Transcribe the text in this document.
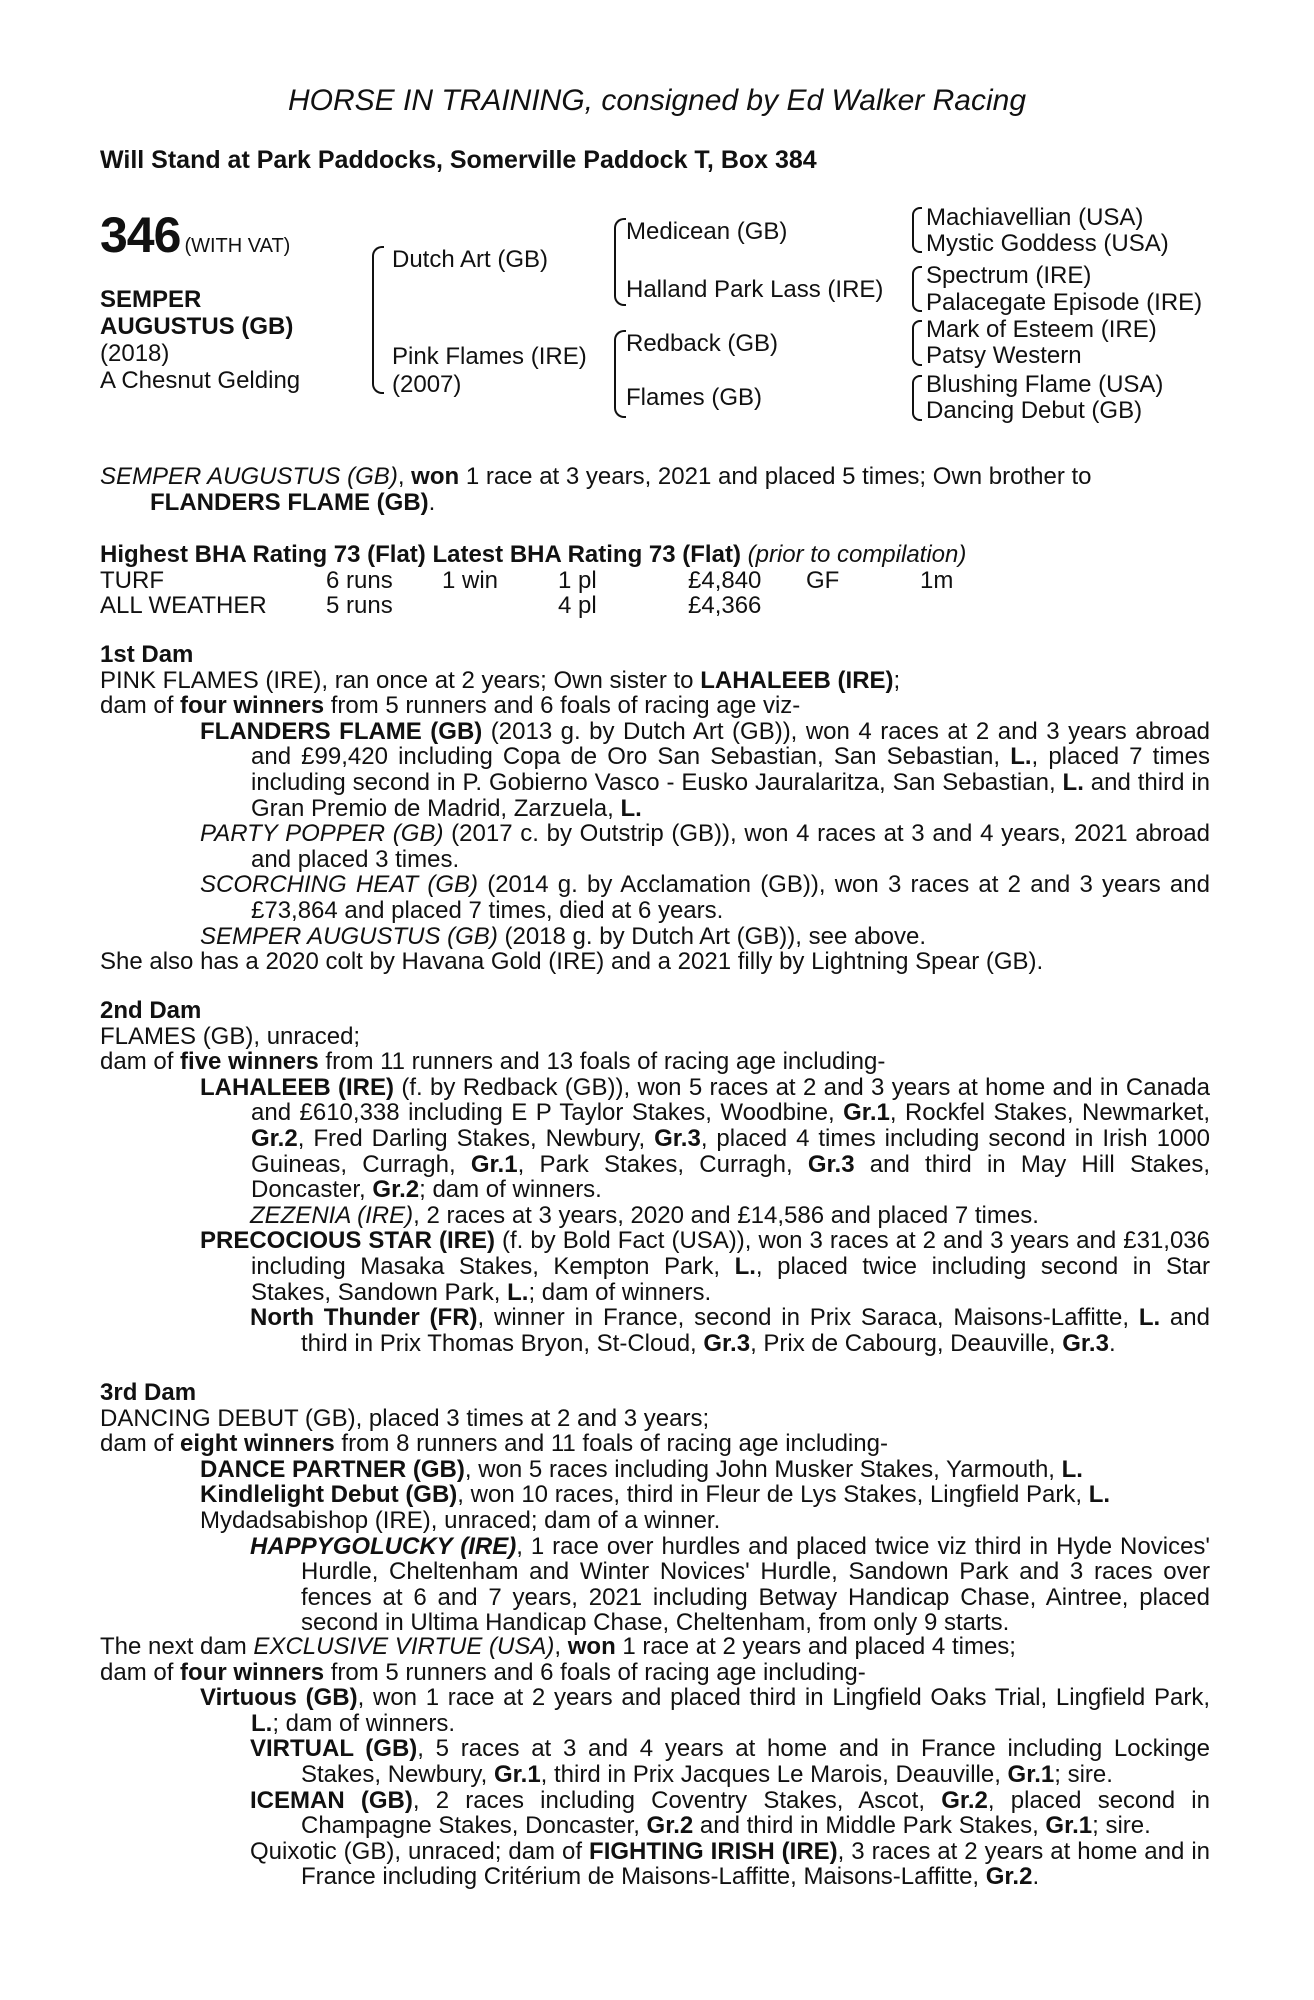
HORSE IN TRAINING, consigned by Ed Walker Racing
Will Stand at Park Paddocks, Somerville Paddock T, Box 384
346 (WITH VAT)
SEMPER
AUGUSTUS (GB)
(2018)
A Chesnut Gelding
Dutch Art (GB)
Pink Flames (IRE)
(2007)
Medicean (GB)
Halland Park Lass (IRE)
Redback (GB)
Flames (GB)
Machiavellian (USA)
Mystic Goddess (USA)
Spectrum (IRE)
Palacegate Episode (IRE)
Mark of Esteem (IRE)
Patsy Western
Blushing Flame (USA)
Dancing Debut (GB)

SEMPER AUGUSTUS (GB), won 1 race at 3 years, 2021 and placed 5 times; Own brother to

FLANDERS FLAME (GB).

Highest BHA Rating 73 (Flat) Latest BHA Rating 73 (Flat) (prior to compilation)

TURF	6 runs	1 win	1 pl	£4,840	GF	1m
ALL WEATHER	5 runs		4 pl	£4,366		

1st Dam

PINK FLAMES (IRE), ran once at 2 years; Own sister to LAHALEEB (IRE);

dam of four winners from 5 runners and 6 foals of racing age viz-

FLANDERS FLAME (GB) (2013 g. by Dutch Art (GB)), won 4 races at 2 and 3 years abroad and £99,420 including Copa de Oro San Sebastian, San Sebastian, L., placed 7 times including second in P. Gobierno Vasco - Eusko Jauralaritza, San Sebastian, L. and third in Gran Premio de Madrid, Zarzuela, L.

PARTY POPPER (GB) (2017 c. by Outstrip (GB)), won 4 races at 3 and 4 years, 2021 abroad and placed 3 times.

SCORCHING HEAT (GB) (2014 g. by Acclamation (GB)), won 3 races at 2 and 3 years and £73,864 and placed 7 times, died at 6 years.

SEMPER AUGUSTUS (GB) (2018 g. by Dutch Art (GB)), see above.

She also has a 2020 colt by Havana Gold (IRE) and a 2021 filly by Lightning Spear (GB).

2nd Dam

FLAMES (GB), unraced;

dam of five winners from 11 runners and 13 foals of racing age including-

LAHALEEB (IRE) (f. by Redback (GB)), won 5 races at 2 and 3 years at home and in Canada and £610,338 including E P Taylor Stakes, Woodbine, Gr.1, Rockfel Stakes, Newmarket, Gr.2, Fred Darling Stakes, Newbury, Gr.3, placed 4 times including second in Irish 1000 Guineas, Curragh, Gr.1, Park Stakes, Curragh, Gr.3 and third in May Hill Stakes, Doncaster, Gr.2; dam of winners.

ZEZENIA (IRE), 2 races at 3 years, 2020 and £14,586 and placed 7 times.

PRECOCIOUS STAR (IRE) (f. by Bold Fact (USA)), won 3 races at 2 and 3 years and £31,036 including Masaka Stakes, Kempton Park, L., placed twice including second in Star Stakes, Sandown Park, L.; dam of winners.

North Thunder (FR), winner in France, second in Prix Saraca, Maisons-Laffitte, L. and third in Prix Thomas Bryon, St-Cloud, Gr.3, Prix de Cabourg, Deauville, Gr.3.

3rd Dam

DANCING DEBUT (GB), placed 3 times at 2 and 3 years;

dam of eight winners from 8 runners and 11 foals of racing age including-

DANCE PARTNER (GB), won 5 races including John Musker Stakes, Yarmouth, L.

Kindlelight Debut (GB), won 10 races, third in Fleur de Lys Stakes, Lingfield Park, L.

Mydadsabishop (IRE), unraced; dam of a winner.

HAPPYGOLUCKY (IRE), 1 race over hurdles and placed twice viz third in Hyde Novices' Hurdle, Cheltenham and Winter Novices' Hurdle, Sandown Park and 3 races over fences at 6 and 7 years, 2021 including Betway Handicap Chase, Aintree, placed second in Ultima Handicap Chase, Cheltenham, from only 9 starts.

The next dam EXCLUSIVE VIRTUE (USA), won 1 race at 2 years and placed 4 times;

dam of four winners from 5 runners and 6 foals of racing age including-

Virtuous (GB), won 1 race at 2 years and placed third in Lingfield Oaks Trial, Lingfield Park, L.; dam of winners.

VIRTUAL (GB), 5 races at 3 and 4 years at home and in France including Lockinge Stakes, Newbury, Gr.1, third in Prix Jacques Le Marois, Deauville, Gr.1; sire.

ICEMAN (GB), 2 races including Coventry Stakes, Ascot, Gr.2, placed second in Champagne Stakes, Doncaster, Gr.2 and third in Middle Park Stakes, Gr.1; sire.

Quixotic (GB), unraced; dam of FIGHTING IRISH (IRE), 3 races at 2 years at home and in France including Critérium de Maisons-Laffitte, Maisons-Laffitte, Gr.2.
